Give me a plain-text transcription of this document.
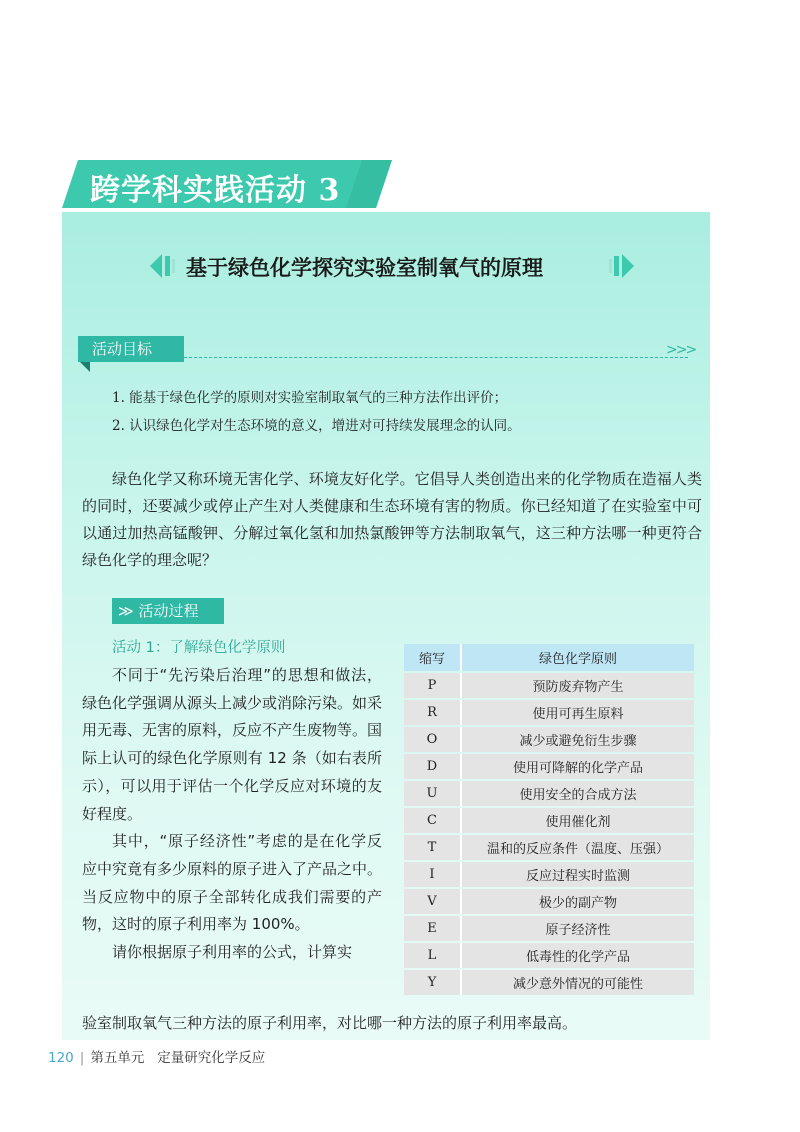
跨学科实践活动 3
基于绿色化学探究实验室制氧气的原理
活动目标	>>>
1. 能基于绿色化学的原则对实验室制取氧气的三种方法作出评价；
2. 认识绿色化学对生态环境的意义，增进对可持续发展理念的认同。

绿色化学又称环境无害化学、环境友好化学。它倡导人类创造出来的化学物质在造福人类的同时，还要减少或停止产生对人类健康和生态环境有害的物质。你已经知道了在实验室中可以通过加热高锰酸钾、分解过氧化氢和加热氯酸钾等方法制取氧气，这三种方法哪一种更符合绿色化学的理念呢？

≫ 活动过程
活动 1：了解绿色化学原则

不同于“先污染后治理”的思想和做法，绿色化学强调从源头上减少或消除污染。如采用无毒、无害的原料，反应不产生废物等。国际上认可的绿色化学原则有 12 条（如右表所示），可以用于评估一个化学反应对环境的友好程度。

其中，“原子经济性”考虑的是在化学反应中究竟有多少原料的原子进入了产品之中。当反应物中的原子全部转化成我们需要的产物，这时的原子利用率为 100%。

请你根据原子利用率的公式，计算实

验室制取氧气三种方法的原子利用率，对比哪一种方法的原子利用率最高。
缩写	绿色化学原则
P	预防废弃物产生
R	使用可再生原料
O	减少或避免衍生步骤
D	使用可降解的化学产品
U	使用安全的合成方法
C	使用催化剂
T	温和的反应条件（温度、压强）
I	反应过程实时监测
V	极少的副产物
E	原子经济性
L	低毒性的化学产品
Y	减少意外情况的可能性
120 | 第五单元 定量研究化学反应
